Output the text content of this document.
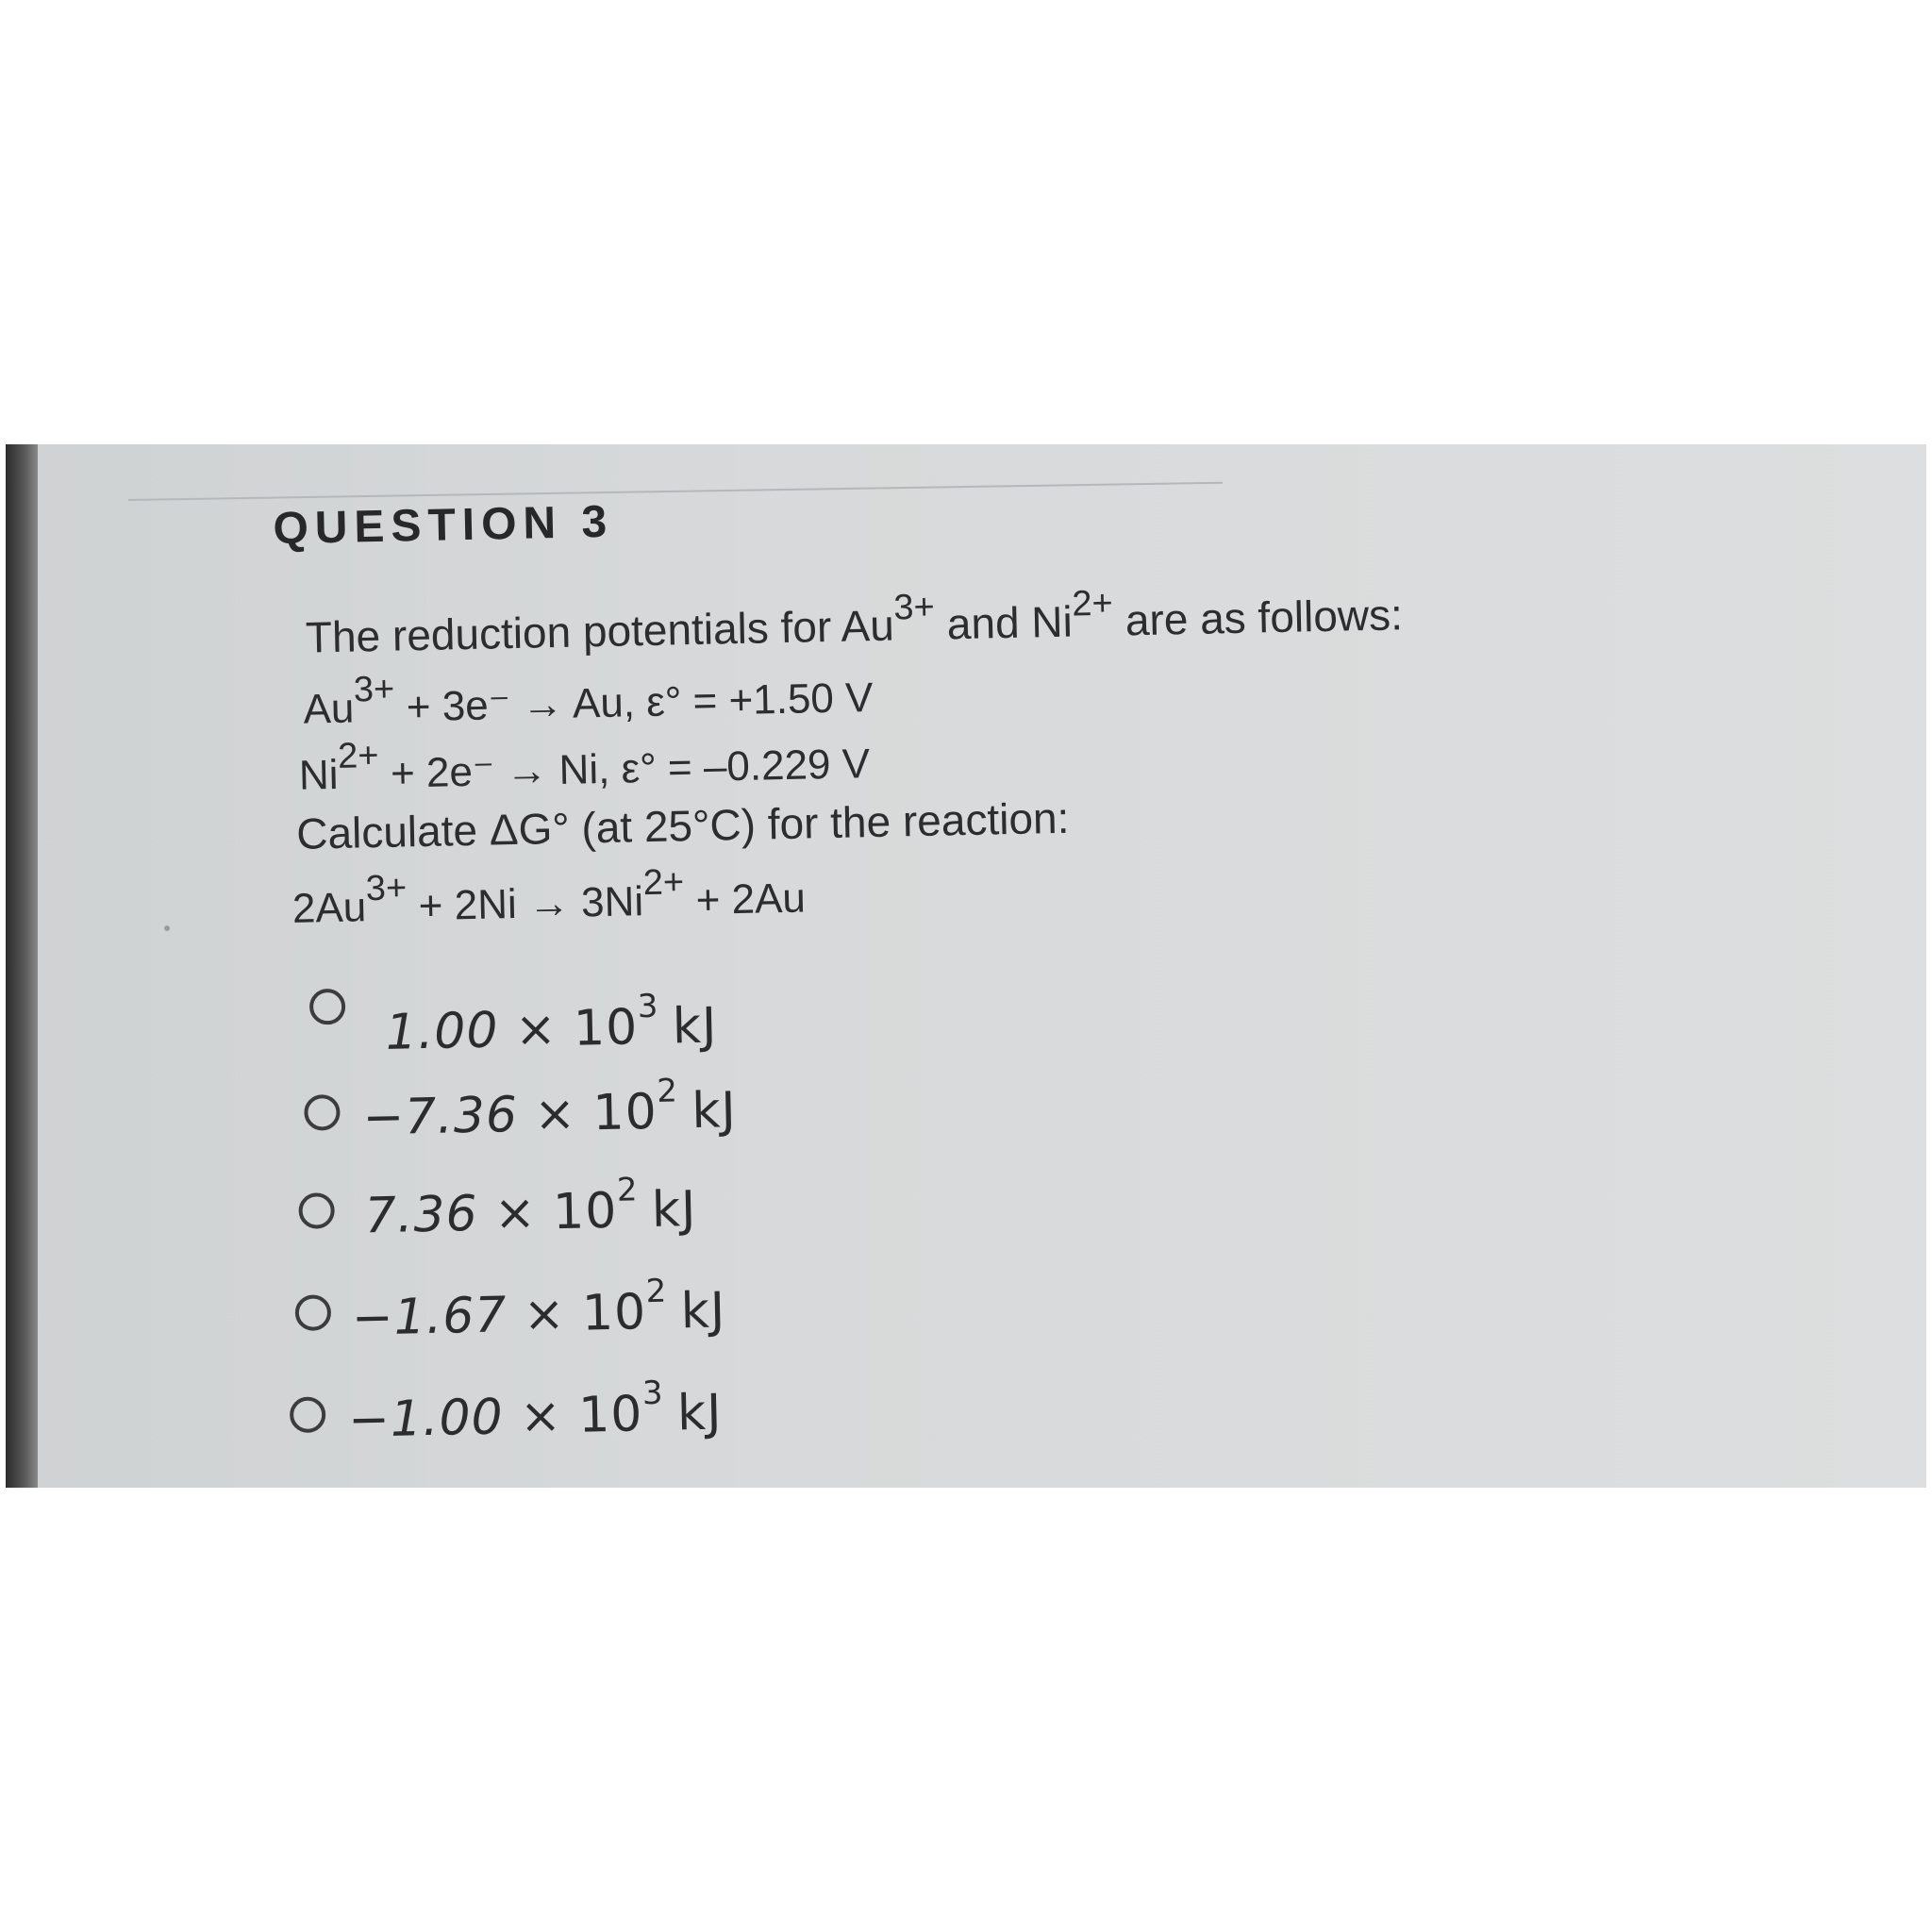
QUESTION 3
The reduction potentials for $Au^{3+}$ and $Ni^{2+}$ are as follows:
$Au^{3+} + 3e^- \to Au$, ε° = +1.50 V
$Ni^{2+} + 2e^- \to Ni$, ε° = –0.229 V
Calculate ΔG° (at 25°C) for the reaction:
$2Au^{3+} + 2Ni \to 3Ni^{2+} + 2Au$
$1.00 \times 10^3$ kJ
$-7.36 \times 10^2$ kJ
$7.36 \times 10^2$ kJ
$-1.67 \times 10^2$ kJ
$-1.00 \times 10^3$ kJ
